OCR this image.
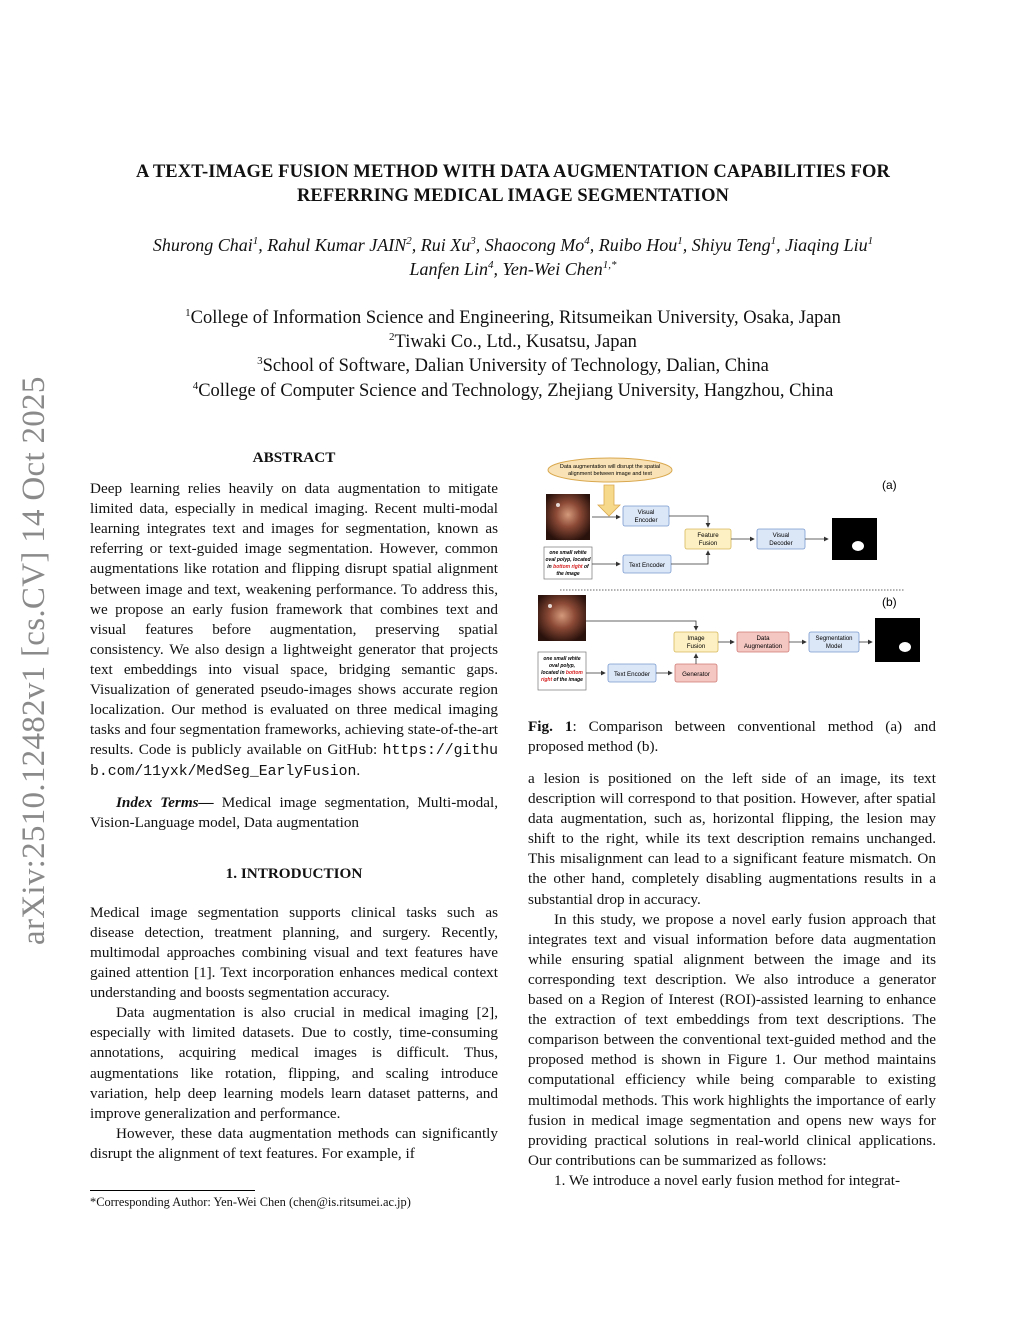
arXiv:2510.12482v1 [cs.CV] 14 Oct 2025
A TEXT-IMAGE FUSION METHOD WITH DATA AUGMENTATION CAPABILITIES FOR
REFERRING MEDICAL IMAGE SEGMENTATION
Shurong Chai$^1$, Rahul Kumar JAIN$^2$, Rui Xu$^3$, Shaocong Mo$^4$, Ruibo Hou$^1$, Shiyu Teng$^1$, Jiaqing Liu$^1$
Lanfen Lin$^4$, Yen-Wei Chen$^{1,*}$
$^1$College of Information Science and Engineering, Ritsumeikan University, Osaka, Japan
$^2$Tiwaki Co., Ltd., Kusatsu, Japan
$^3$School of Software, Dalian University of Technology, Dalian, China
$^4$College of Computer Science and Technology, Zhejiang University, Hangzhou, China
ABSTRACT

Deep learning relies heavily on data augmentation to mitigate limited data, especially in medical imaging. Recent multi-modal learning integrates text and images for segmentation, known as referring or text-guided image segmentation. However, common augmentations like rotation and flipping disrupt spatial alignment between image and text, weakening performance. To address this, we propose an early fusion framework that combines text and visual features before augmentation, preserving spatial consistency. We also design a lightweight generator that projects text embeddings into visual space, bridging semantic gaps. Visualization of generated pseudo-images shows accurate region localization. Our method is evaluated on three medical imaging tasks and four segmentation frameworks, achieving state-of-the-art results. Code is publicly available on GitHub: https://github.com/11yxk/MedSeg_EarlyFusion.

Index Terms— Medical image segmentation, Multi-modal, Vision-Language model, Data augmentation

1. INTRODUCTION

Medical image segmentation supports clinical tasks such as disease detection, treatment planning, and surgery. Recently, multimodal approaches combining visual and text features have gained attention [1]. Text incorporation enhances medical context understanding and boosts segmentation accuracy.

Data augmentation is also crucial in medical imaging [2], especially with limited datasets. Due to costly, time-consuming annotations, acquiring medical images is difficult. Thus, augmentations like rotation, flipping, and scaling introduce variation, help deep learning models learn dataset patterns, and improve generalization and performance.

However, these data augmentation methods can significantly disrupt the alignment of text features. For example, if

*Corresponding Author: Yen-Wei Chen (chen@is.ritsumei.ac.jp)
Data augmentation will disrupt the spatial
alignment between image and text
one small white
oval polyp, located
in bottom right of
the image
Visual
Encoder
Text Encoder
Feature
Fusion
Visual
Decoder
(a)
(b)
one small white
oval polyp,
located in bottom
right of the image
Text Encoder	Generator
Image
Fusion
Data
Augmentation
Segmentation
Model
Fig. 1: Comparison between conventional method (a) and proposed method (b).

a lesion is positioned on the left side of an image, its text description will correspond to that position. However, after spatial data augmentation, such as, horizontal flipping, the lesion may shift to the right, while its text description remains unchanged. This misalignment can lead to a significant feature mismatch. On the other hand, completely disabling augmentations results in a substantial drop in accuracy.

In this study, we propose a novel early fusion approach that integrates text and visual information before data augmentation while ensuring spatial alignment between the image and its corresponding text description. We also introduce a generator based on a Region of Interest (ROI)-assisted learning to enhance the extraction of text embeddings from text descriptions. The comparison between the conventional text-guided method and the proposed method is shown in Figure 1. Our method maintains computational efficiency while being comparable to existing multimodal methods. This work highlights the importance of early fusion in medical image segmentation and opens new ways for providing practical solutions in real-world clinical applications. Our contributions can be summarized as follows:

1. We introduce a novel early fusion method for integrat-
